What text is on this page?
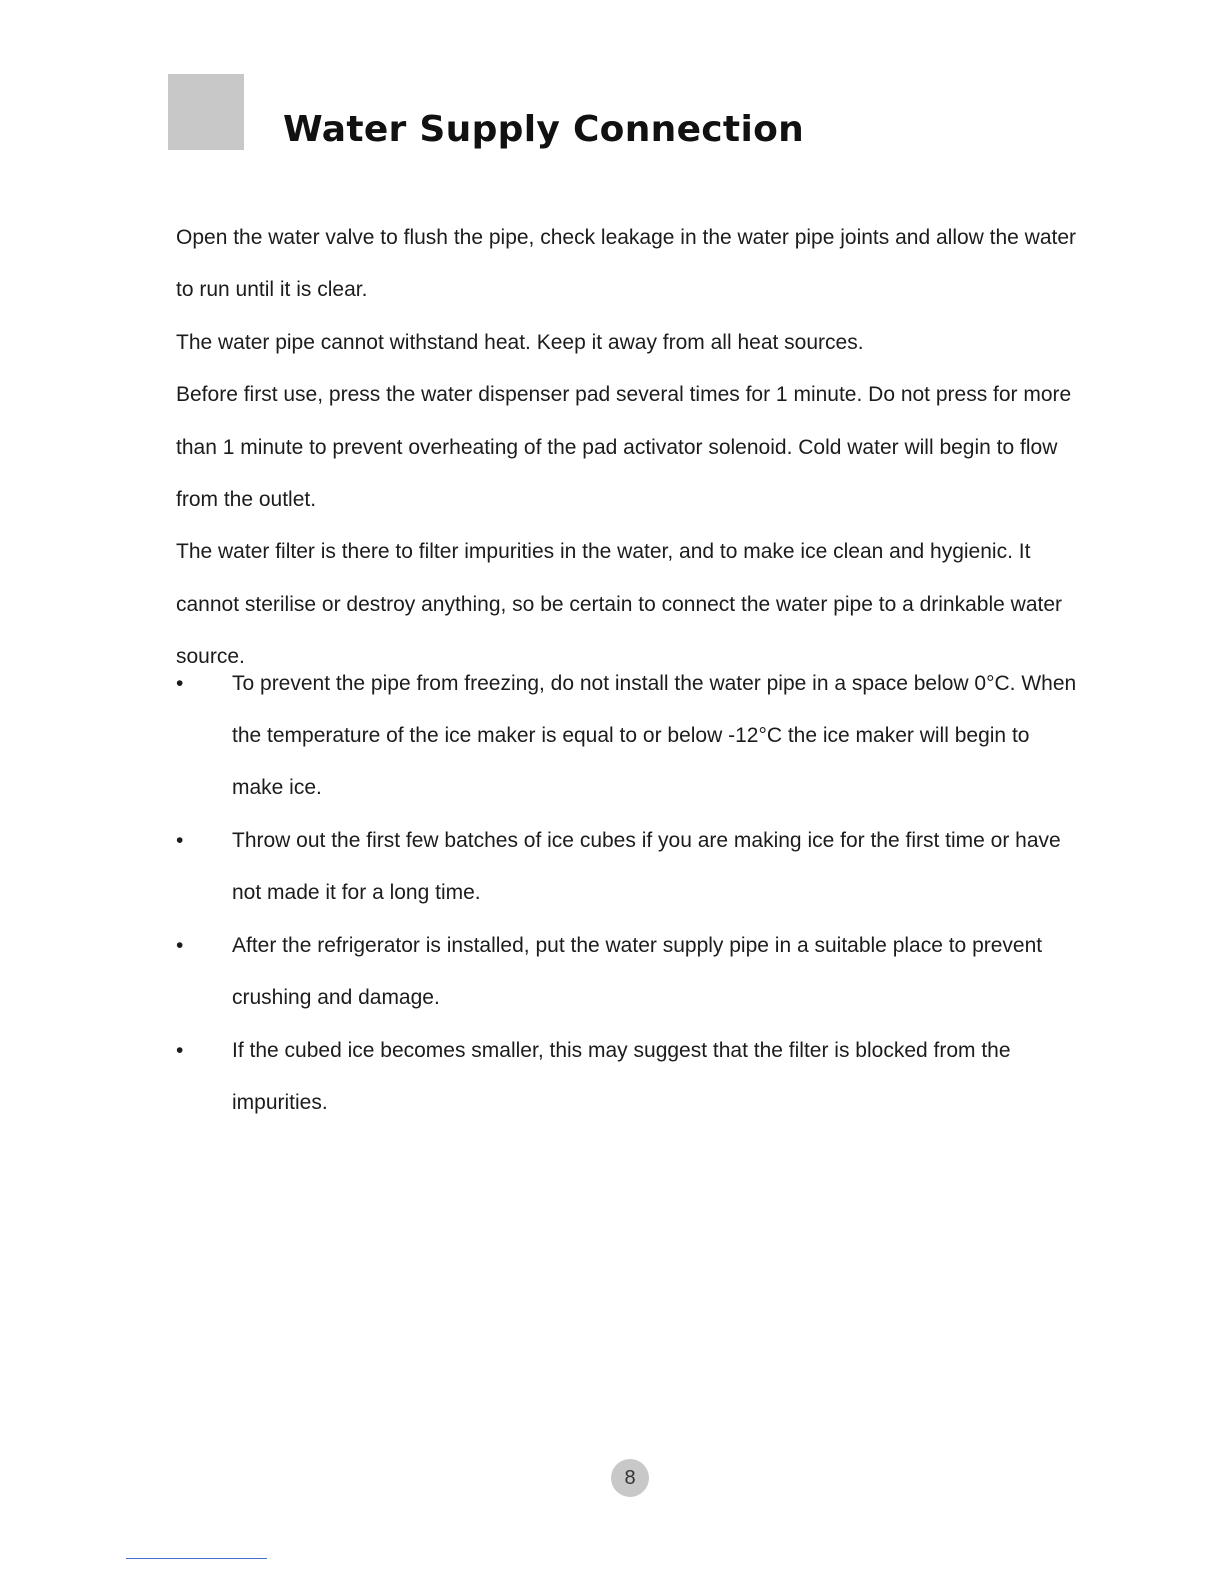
Water Supply Connection

Open the water valve to flush the pipe, check leakage in the water pipe joints and allow the water to run until it is clear.

The water pipe cannot withstand heat. Keep it away from all heat sources.

Before first use, press the water dispenser pad several times for 1 minute. Do not press for more than 1 minute to prevent overheating of the pad activator solenoid. Cold water will begin to flow from the outlet.

The water filter is there to filter impurities in the water, and to make ice clean and hygienic. It cannot sterilise or destroy anything, so be certain to connect the water pipe to a drinkable water source.

•	To prevent the pipe from freezing, do not install the water pipe in a space below 0°C. When the temperature of the ice maker is equal to or below -12°C the ice maker will begin to make ice.
•	Throw out the first few batches of ice cubes if you are making ice for the first time or have not made it for a long time.
•	After the refrigerator is installed, put the water supply pipe in a suitable place to prevent crushing and damage.
•	If the cubed ice becomes smaller, this may suggest that the filter is blocked from the impurities.
8
